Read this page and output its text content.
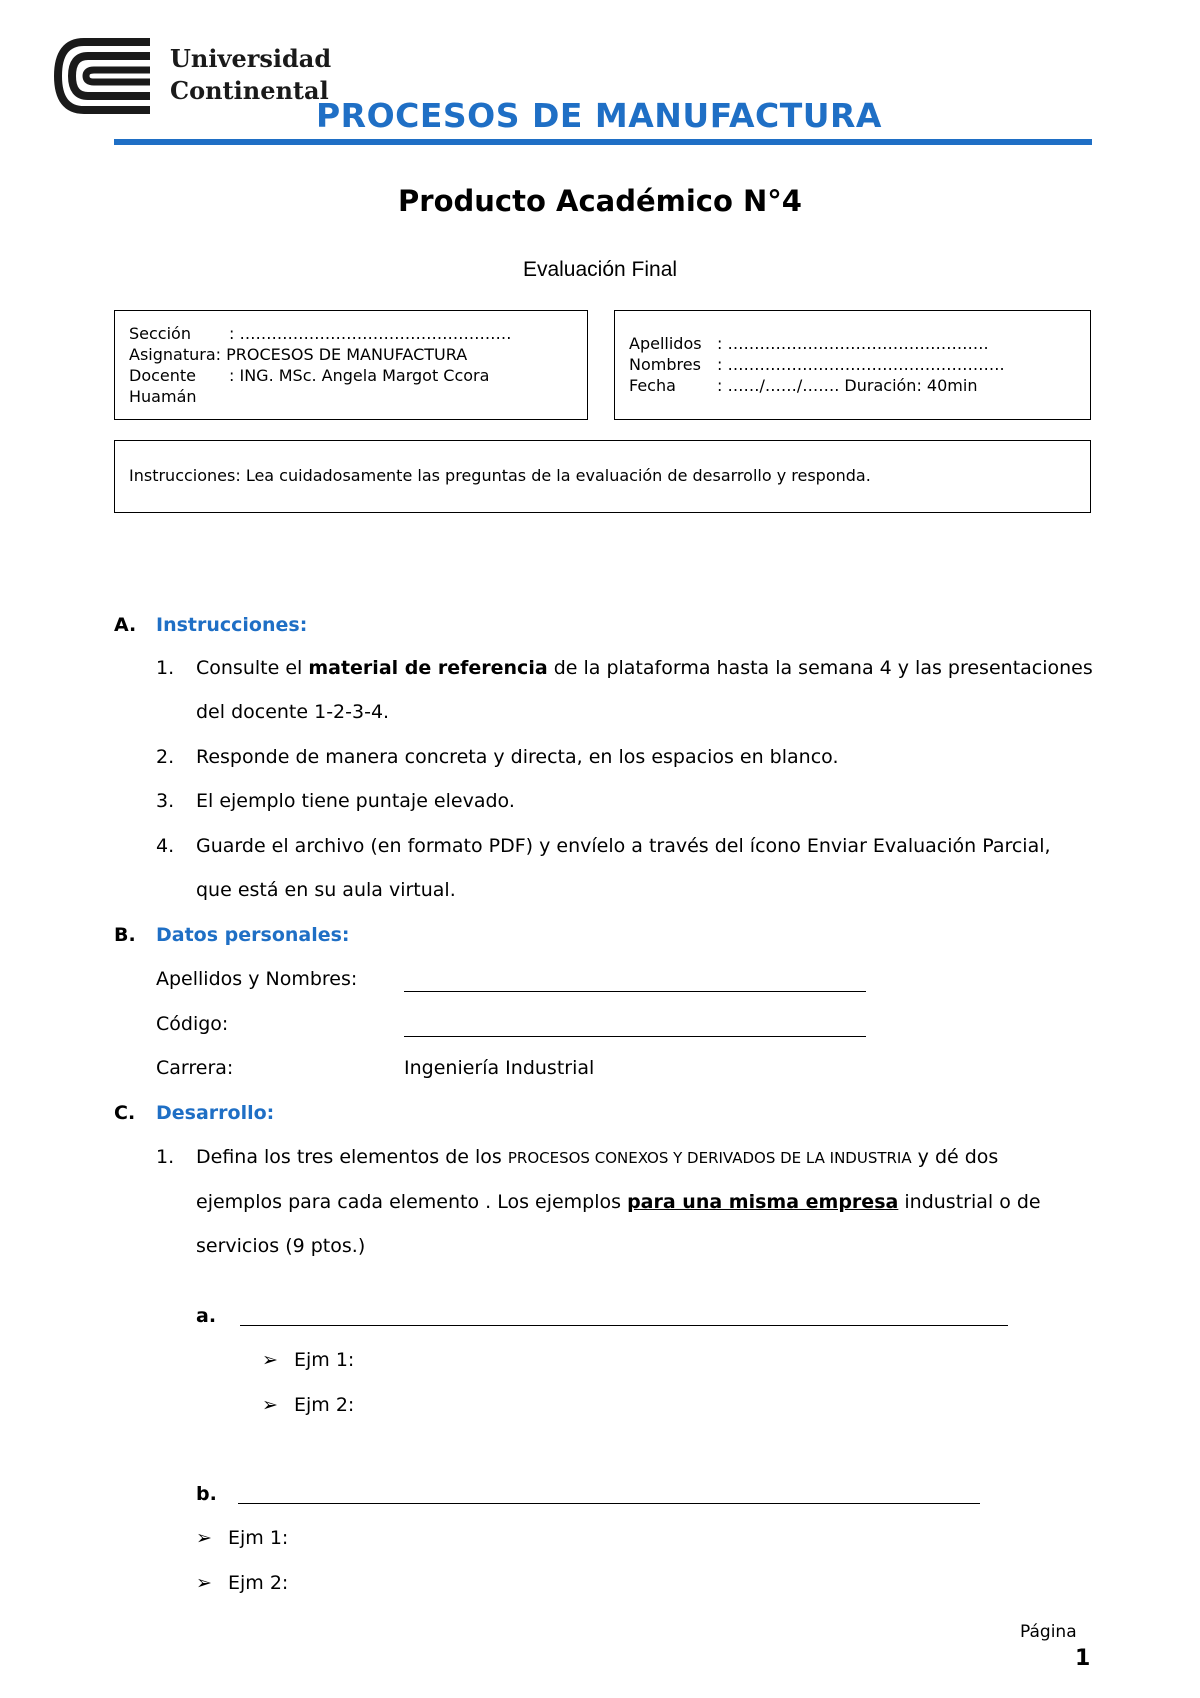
Universidad
Continental
PROCESOS DE MANUFACTURA
Producto Académico N°4
Evaluación Final
Sección : ……………………………………………
Asignatura: PROCESOS DE MANUFACTURA
Docente : ING. MSc. Angela Margot Ccora
Huamán
Apellidos : ………………………………………….
Nombres : …………………………………………….
Fecha	: ……/……/……. Duración: 40min
Instrucciones: Lea cuidadosamente las preguntas de la evaluación de desarrollo y responda.
A. Instrucciones:
1. Consulte el material de referencia de la plataforma hasta la semana 4 y las presentaciones
del docente 1-2-3-4.
2. Responde de manera concreta y directa, en los espacios en blanco.
3. El ejemplo tiene puntaje elevado.
4. Guarde el archivo (en formato PDF) y envíelo a través del ícono Enviar Evaluación Parcial,
que está en su aula virtual.
B. Datos personales:
Apellidos y Nombres:
Código:
Carrera:	Ingeniería Industrial
C. Desarrollo:
1. Defina los tres elementos de los PROCESOS CONEXOS Y DERIVADOS DE LA INDUSTRIA y dé dos
ejemplos para cada elemento . Los ejemplos para una misma empresa industrial o de
servicios (9 ptos.)
a.
➢ Ejm 1:
➢ Ejm 2:
b.
➢ Ejm 1:
➢ Ejm 2:
Página
1
